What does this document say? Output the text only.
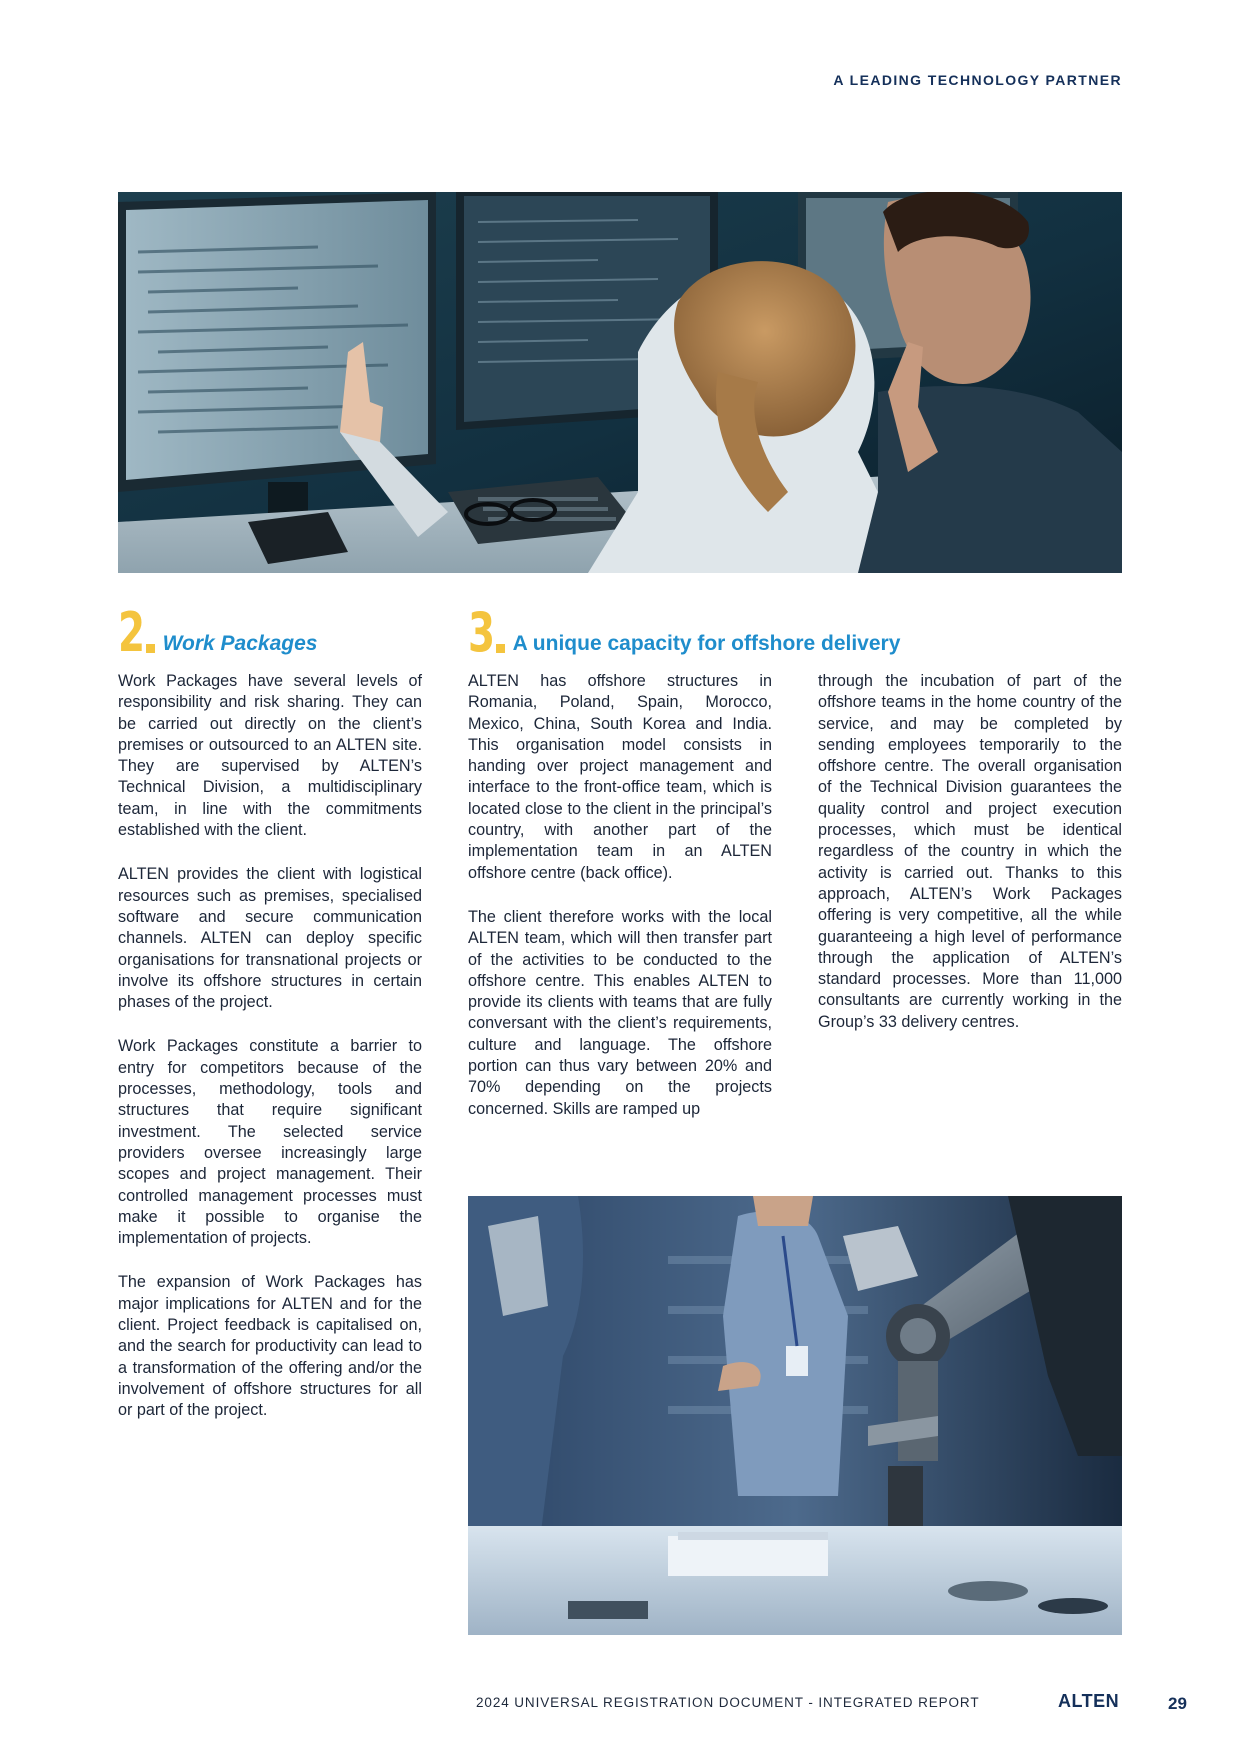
A LEADING TECHNOLOGY PARTNER
2 Work Packages	3 A unique capacity for offshore delivery

Work Packages have several levels of responsibility and risk sharing. They can be carried out directly on the client’s premises or outsourced to an ALTEN site. They are supervised by ALTEN’s Technical Division, a multidisciplinary team, in line with the commitments established with the client.

ALTEN provides the client with logistical resources such as premises, specialised software and secure communication channels. ALTEN can deploy specific organisations for transnational projects or involve its offshore structures in certain phases of the project.

Work Packages constitute a barrier to entry for competitors because of the processes, methodology, tools and structures that require significant investment. The selected service providers oversee increasingly large scopes and project management. Their controlled management processes must make it possible to organise the implementation of projects.

The expansion of Work Packages has major implications for ALTEN and for the client. Project feedback is capitalised on, and the search for productivity can lead to a transformation of the offering and/or the involvement of offshore structures for all or part of the project.

ALTEN has offshore structures in Romania, Poland, Spain, Morocco, Mexico, China, South Korea and India. This organisation model consists in handing over project management and interface to the front-office team, which is located close to the client in the principal’s country, with another part of the implementation team in an ALTEN offshore centre (back office).

The client therefore works with the local ALTEN team, which will then transfer part of the activities to be conducted to the offshore centre. This enables ALTEN to provide its clients with teams that are fully conversant with the client’s requirements, culture and language. The offshore portion can thus vary between 20% and 70% depending on the projects concerned. Skills are ramped up

through the incubation of part of the offshore teams in the home country of the service, and may be completed by sending employees temporarily to the offshore centre. The overall organisation of the Technical Division guarantees the quality control and project execution processes, which must be identical regardless of the country in which the activity is carried out. Thanks to this approach, ALTEN’s Work Packages offering is very competitive, all the while guaranteeing a high level of performance through the application of ALTEN’s standard processes. More than 11,000 consultants are currently working in the Group’s 33 delivery centres.

2024 UNIVERSAL REGISTRATION DOCUMENT - INTEGRATED REPORT	ALTEN	29
